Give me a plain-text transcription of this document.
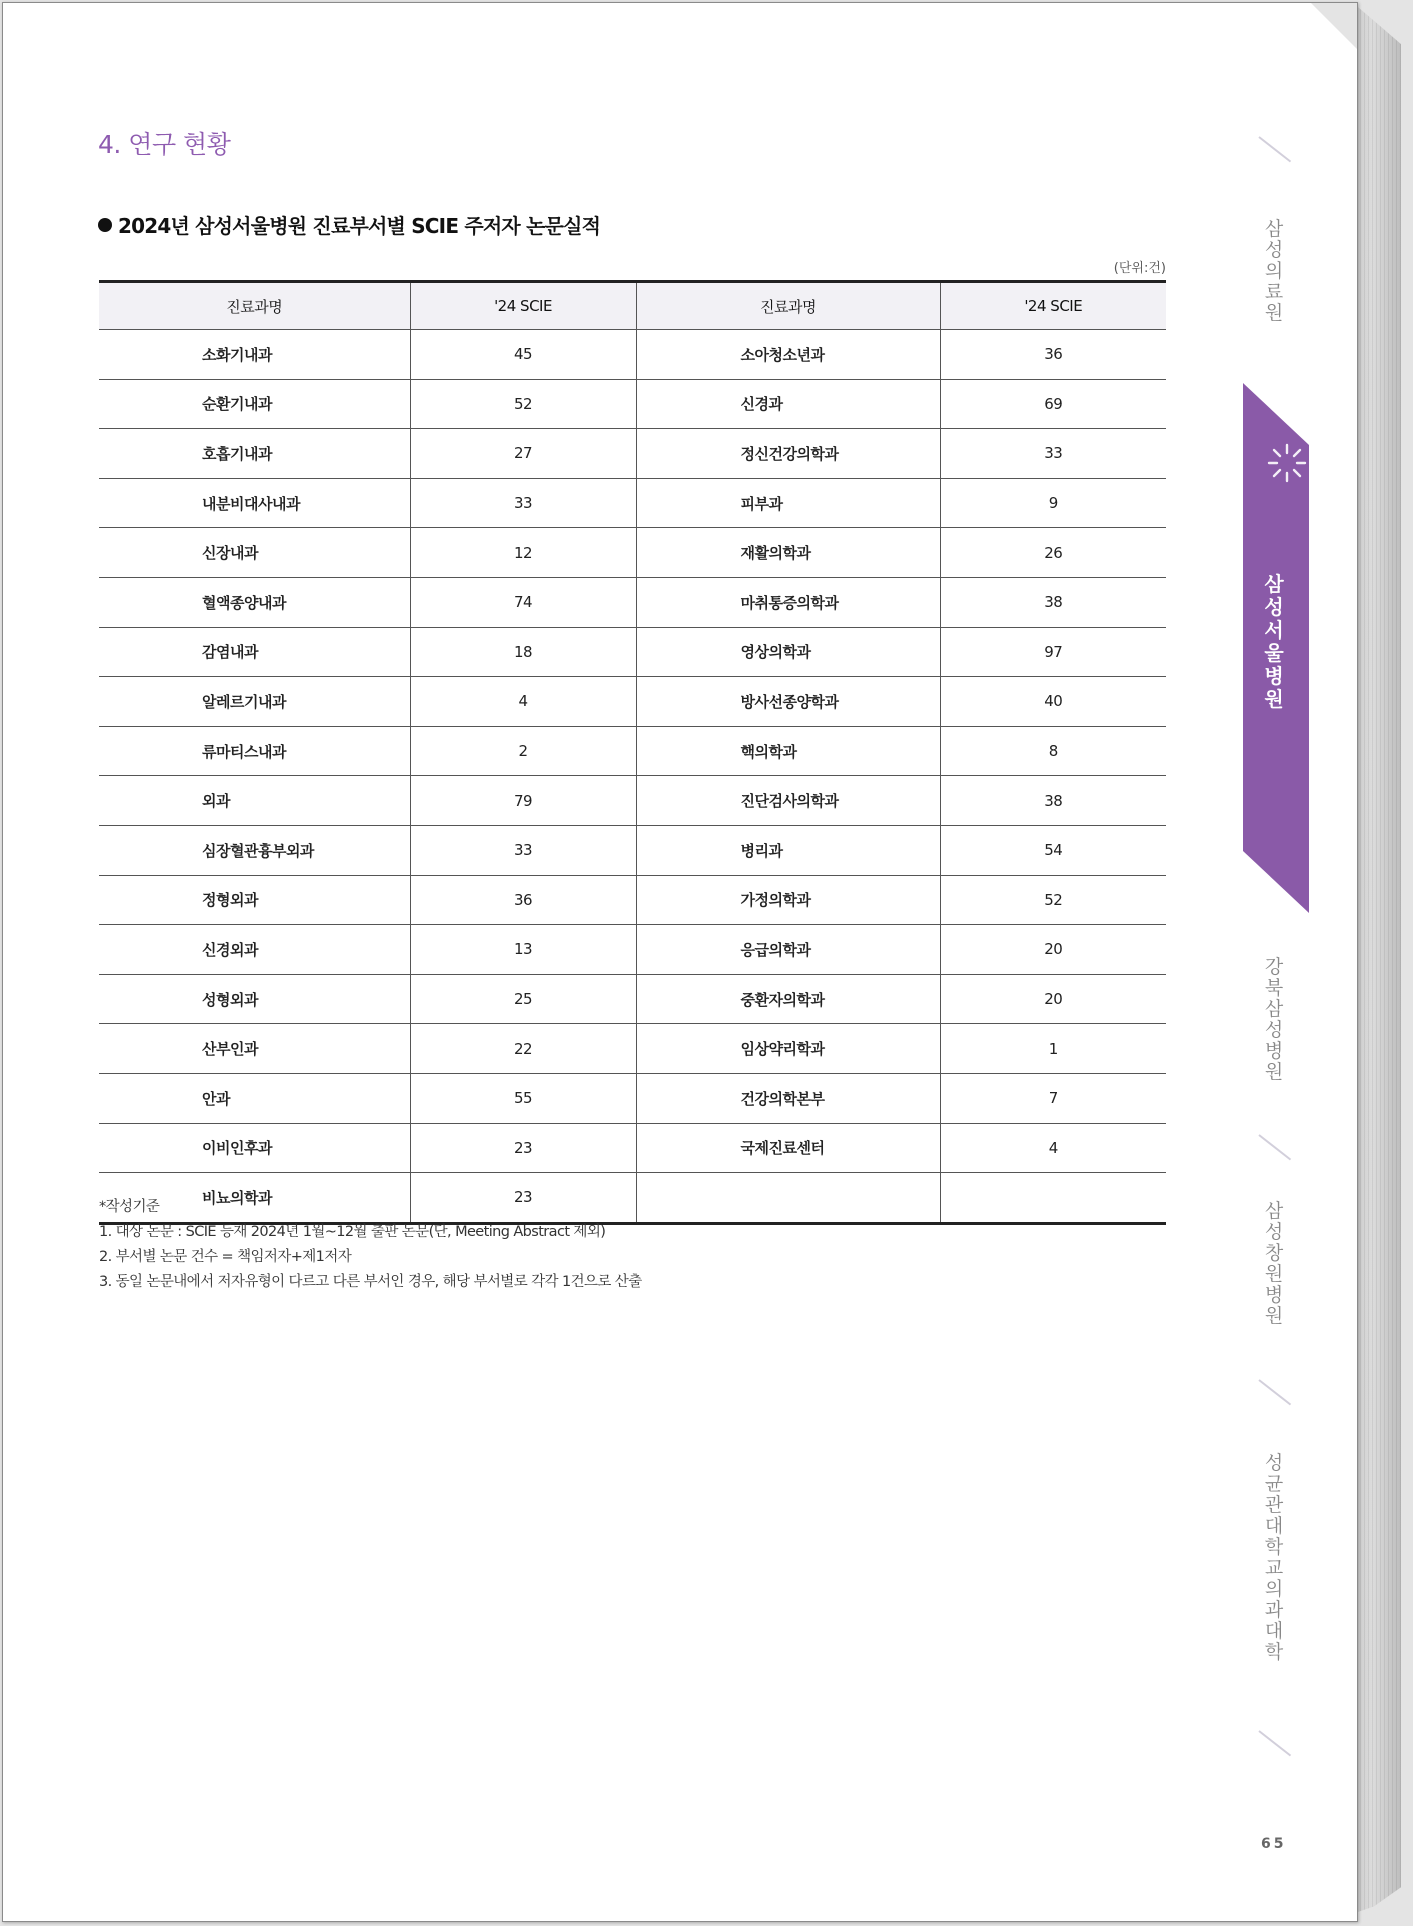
4. 연구 현황
2024년 삼성서울병원 진료부서별 SCIE 주저자 논문실적
(단위:건)
진료과명	'24 SCIE	진료과명	'24 SCIE
소화기내과	45	소아청소년과	36
순환기내과	52	신경과	69
호흡기내과	27	정신건강의학과	33
내분비대사내과	33	피부과	9
신장내과	12	재활의학과	26
혈액종양내과	74	마취통증의학과	38
감염내과	18	영상의학과	97
알레르기내과	4	방사선종양학과	40
류마티스내과	2	핵의학과	8
외과	79	진단검사의학과	38
심장혈관흉부외과	33	병리과	54
정형외과	36	가정의학과	52
신경외과	13	응급의학과	20
성형외과	25	중환자의학과	20
산부인과	22	임상약리학과	1
안과	55	건강의학본부	7
이비인후과	23	국제진료센터	4
비뇨의학과	23		
*작성기준
1. 대상 논문 : SCIE 등재 2024년 1월~12월 출판 논문(단, Meeting Abstract 제외)
2. 부서별 논문 건수 = 책임저자+제1저자
3. 동일 논문내에서 저자유형이 다르고 다른 부서인 경우, 해당 부서별로 각각 1건으로 산출
삼성의료원
삼성서울병원
강북삼성병원
삼성창원병원
성균관대학교 의과대학
65
